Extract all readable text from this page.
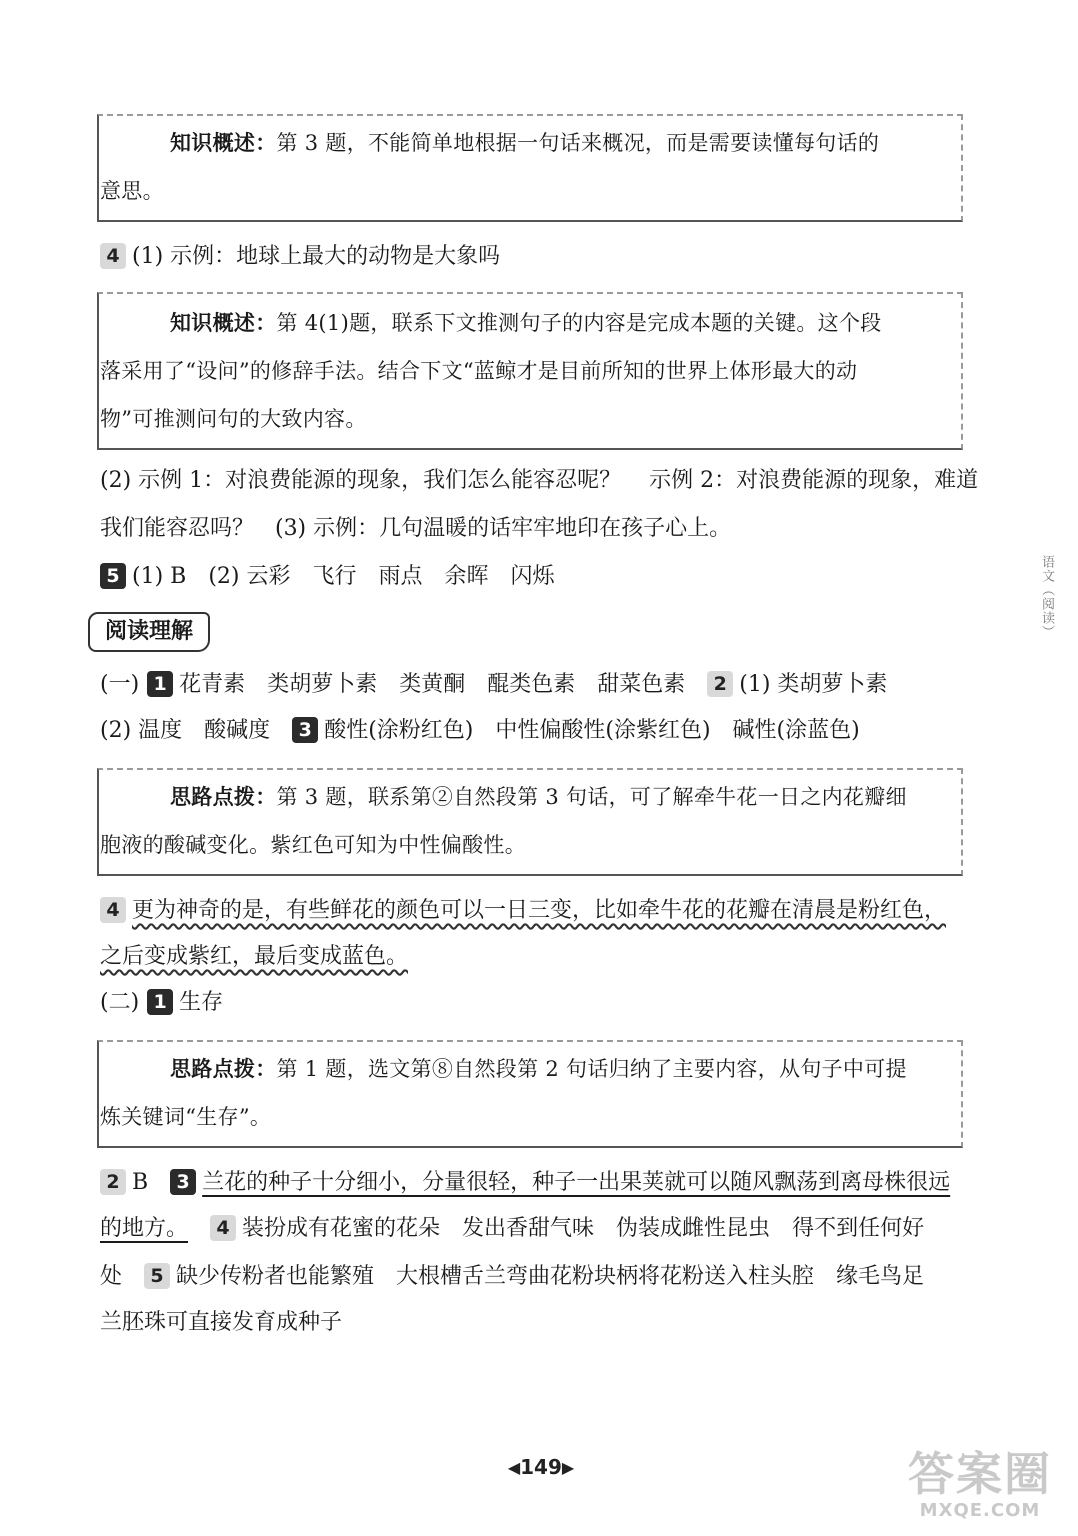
知识概述：第 3 题，不能简单地根据一句话来概况，而是需要读懂每句话的
意思。
4 (1) 示例：地球上最大的动物是大象吗
知识概述：第 4(1)题，联系下文推测句子的内容是完成本题的关键。这个段
落采用了“设问”的修辞手法。结合下文“蓝鲸才是目前所知的世界上体形最大的动
物”可推测问句的大致内容。
(2) 示例 1：对浪费能源的现象，我们怎么能容忍呢？    示例 2：对浪费能源的现象，难道
我们能容忍吗？   (3) 示例：几句温暖的话牢牢地印在孩子心上。
5 (1) B (2) 云彩 飞行 雨点 余晖 闪烁
阅读理解
(一) 1 花青素 类胡萝卜素 类黄酮 醌类色素 甜菜色素 2 (1) 类胡萝卜素
(2) 温度 酸碱度 3 酸性(涂粉红色) 中性偏酸性(涂紫红色) 碱性(涂蓝色)
思路点拨：第 3 题，联系第②自然段第 3 句话，可了解牵牛花一日之内花瓣细
胞液的酸碱变化。紫红色可知为中性偏酸性。
4 更为神奇的是，有些鲜花的颜色可以一日三变，比如牵牛花的花瓣在清晨是粉红色，
之后变成紫红，最后变成蓝色。
(二) 1 生存
思路点拨：第 1 题，选文第⑧自然段第 2 句话归纳了主要内容，从句子中可提
炼关键词“生存”。
2 B 3 兰花的种子十分细小，分量很轻，种子一出果荚就可以随风飘荡到离母株很远
的地方。 4 装扮成有花蜜的花朵 发出香甜气味 伪装成雌性昆虫 得不到任何好
处 5 缺少传粉者也能繁殖 大根槽舌兰弯曲花粉块柄将花粉送入柱头腔 缘毛鸟足
兰胚珠可直接发育成种子
语文（阅读）
◀149▶	答案圈
MXQE.COM
